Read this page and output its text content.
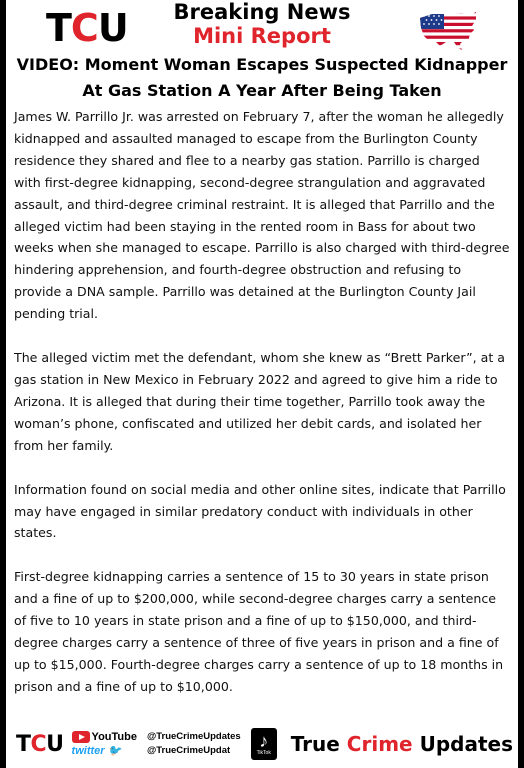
TCU	Breaking News
Mini Report
VIDEO: Moment Woman Escapes Suspected Kidnapper At Gas Station A Year After Being Taken

James W. Parrillo Jr. was arrested on February 7, after the woman he allegedly kidnapped and assaulted managed to escape from the Burlington County residence they shared and flee to a nearby gas station. Parrillo is charged with first-degree kidnapping, second-degree strangulation and aggravated assault, and third-degree criminal restraint. It is alleged that Parrillo and the alleged victim had been staying in the rented room in Bass for about two weeks when she managed to escape. Parrillo is also charged with third-degree hindering apprehension, and fourth-degree obstruction and refusing to provide a DNA sample. Parrillo was detained at the Burlington County Jail pending trial.

The alleged victim met the defendant, whom she knew as “Brett Parker”, at a gas station in New Mexico in February 2022 and agreed to give him a ride to Arizona. It is alleged that during their time together, Parrillo took away the woman’s phone, confiscated and utilized her debit cards, and isolated her from her family.

Information found on social media and other online sites, indicate that Parrillo may have engaged in similar predatory conduct with individuals in other states.

First-degree kidnapping carries a sentence of 15 to 30 years in state prison and a fine of up to $200,000, while second-degree charges carry a sentence of five to 10 years in state prison and a fine of up to $150,000, and third-degree charges carry a sentence of three of five years in prison and a fine of up to $15,000. Fourth-degree charges carry a sentence of up to 18 months in prison and a fine of up to $10,000.

TCU	YouTube
twitter 🐦
@TrueCrimeUpdates
@TrueCrimeUpdat	♪
TikTok True Crime Updates
